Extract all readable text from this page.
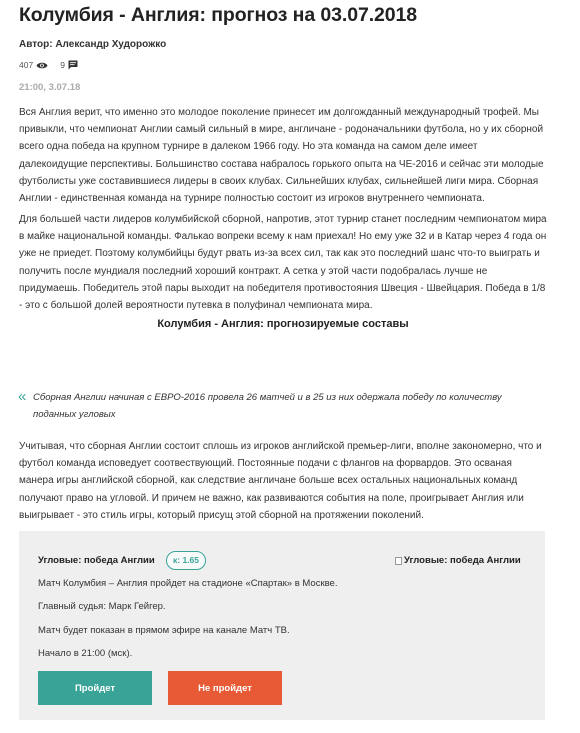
Колумбия - Англия: прогноз на 03.07.2018
Автор: Александр Худорожко
407	9
21:00, 3.07.18

Вся Англия верит, что именно это молодое поколение принесет им долгожданный международный трофей. Мы привыкли, что чемпионат Англии самый сильный в мире, англичане - родоначальники футбола, но у их сборной всего одна победа на крупном турнире в далеком 1966 году. Но эта команда на самом деле имеет далекоидущие перспективы. Большинство состава набралось горького опыта на ЧЕ-2016 и сейчас эти молодые футболисты уже составившиеся лидеры в своих клубах. Сильнейших клубах, сильнейшей лиги мира. Сборная Англии - единственная команда на турнире полностью состоит из игроков внутреннего чемпионата.

Для большей части лидеров колумбийской сборной, напротив, этот турнир станет последним чемпионатом мира в майке национальной команды. Фалькао вопреки всему к нам приехал! Но ему уже 32 и в Катар через 4 года он уже не приедет. Поэтому колумбийцы будут рвать из-за всех сил, так как это последний шанс что-то выиграть и получить после мундиаля последний хороший контракт. А сетка у этой части подобралась лучше не придумаешь. Победитель этой пары выходит на победителя противостояния Швеция - Швейцария. Победа в 1/8 - это с большой долей вероятности путевка в полуфинал чемпионата мира.

Колумбия - Англия: прогнозируемые составы
« Сборная Англии начиная с ЕВРО-2016 провела 26 матчей и в 25 из них одержала победу по количеству поданных угловых

Учитывая, что сборная Англии состоит сплошь из игроков английской премьер-лиги, вполне закономерно, что и футбол команда исповедует соотвествующий. Постоянные подачи с флангов на форвардов. Это осваная манера игры английской сборной, как следствие англичане больше всех остальных национальных команд получают право на угловой. И причем не важно, как развиваются события на поле, проигрывает Англия или выигрывает - это стиль игры, который присущ этой сборной на протяжении поколений.

Угловые: победа Англии	к: 1.65	Угловые: победа Англии

Матч Колумбия – Англия пройдет на стадионе «Спартак» в Москве.

Главный судья: Марк Гейгер.

Матч будет показан в прямом эфире на канале Матч ТВ.

Начало в 21:00 (мск).

Пройдет	Не пройдет
